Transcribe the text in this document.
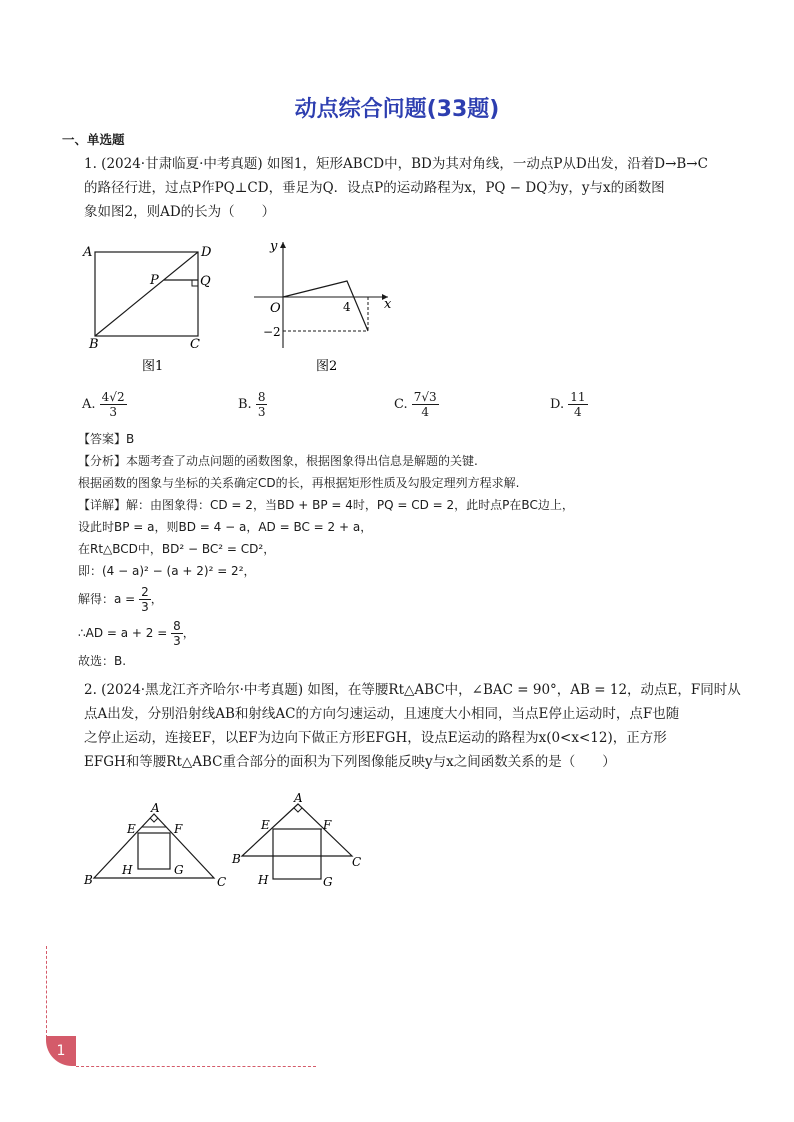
动点综合问题(33题)
一、单选题

1. (2024·甘肃临夏·中考真题) 如图1，矩形ABCD中，BD为其对角线，一动点P从D出发，沿着D→B→C

的路径行进，过点P作PQ⊥CD，垂足为Q．设点P的运动路程为x，PQ − DQ为y，y与x的函数图

象如图2，则AD的长为（　　）

A	D
P	Q
B	C
图1
y
x
O	4
−2
图2
A. $\frac{4√2}{3}$	B. $\frac{8}{3}$	C. $\frac{7√3}{4}$	D. $\frac{11}{4}$

【答案】B

【分析】本题考查了动点问题的函数图象，根据图象得出信息是解题的关键.

根据函数的图象与坐标的关系确定CD的长，再根据矩形性质及勾股定理列方程求解.

【详解】解：由图象得：CD = 2，当BD + BP = 4时，PQ = CD = 2，此时点P在BC边上，

设此时BP = a，则BD = 4 − a，AD = BC = 2 + a，

在Rt△BCD中，BD² − BC² = CD²，

即：(4 − a)² − (a + 2)² = 2²，

解得：$a = \frac{2}{3}$ ，

∴AD = $a + 2 = \frac{8}{3}$ ，

故选：B.

2. (2024·黑龙江齐齐哈尔·中考真题) 如图，在等腰Rt△ABC中，∠BAC = 90°，AB = 12，动点E，F同时从

点A出发，分别沿射线AB和射线AC的方向匀速运动，且速度大小相同，当点E停止运动时，点F也随

之停止运动，连接EF，以EF为边向下做正方形EFGH，设点E运动的路程为x(0<x<12)，正方形

EFGH和等腰Rt△ABC重合部分的面积为下列图像能反映y与x之间函数关系的是（　　）

A
E	F
H	G
B	C
A
E	F
B	C
H	G
1
